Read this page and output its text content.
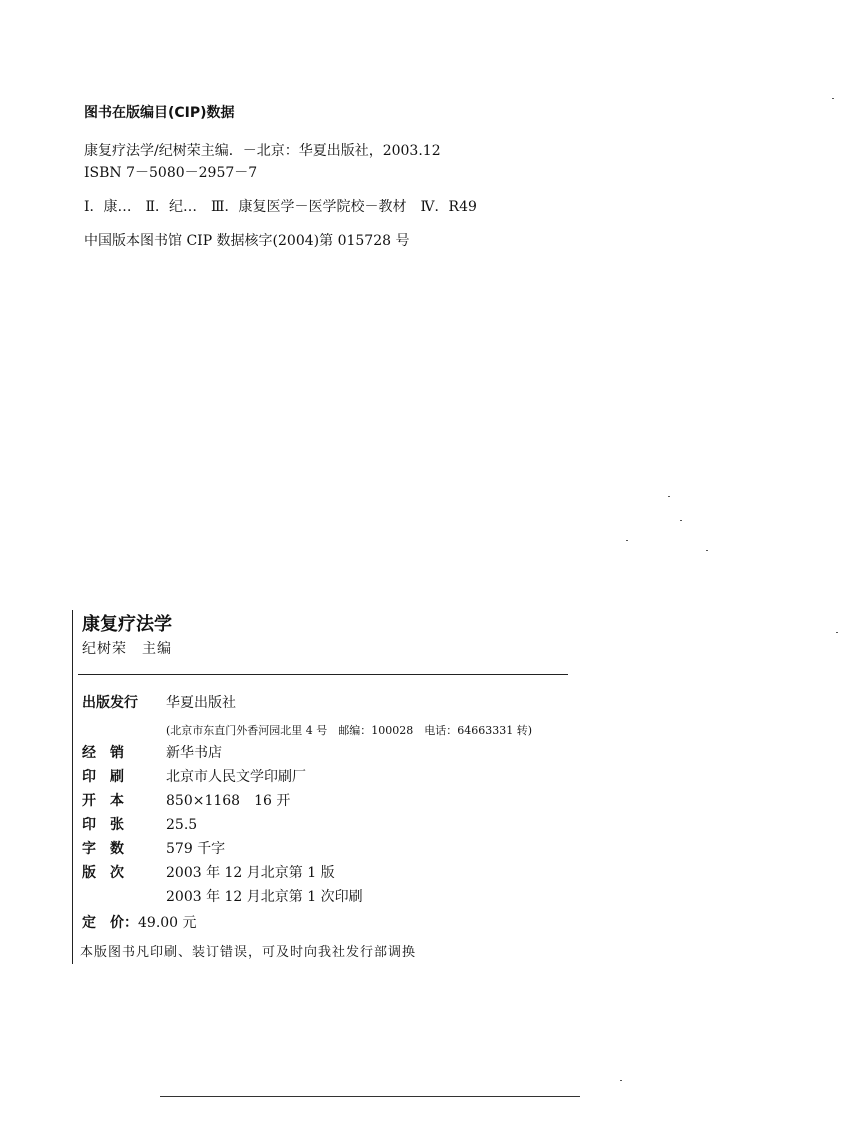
图书在版编目(CIP)数据
康复疗法学/纪树荣主编．－北京：华夏出版社，2003.12
ISBN 7－5080－2957－7
Ⅰ．康…　Ⅱ．纪…　Ⅲ．康复医学－医学院校－教材　Ⅳ．R49
中国版本图书馆 CIP 数据核字(2004)第 015728 号
康复疗法学
纪树荣　主编
出版发行 华夏出版社
(北京市东直门外香河园北里 4 号　邮编：100028　电话：64663331 转)
经　销	新华书店
印　刷	北京市人民文学印刷厂
开　本	850×1168　16 开
印　张	25.5
字　数	579 千字
版　次	2003 年 12 月北京第 1 版
2003 年 12 月北京第 1 次印刷
定　价：49.00 元
本版图书凡印刷、装订错误，可及时向我社发行部调换
